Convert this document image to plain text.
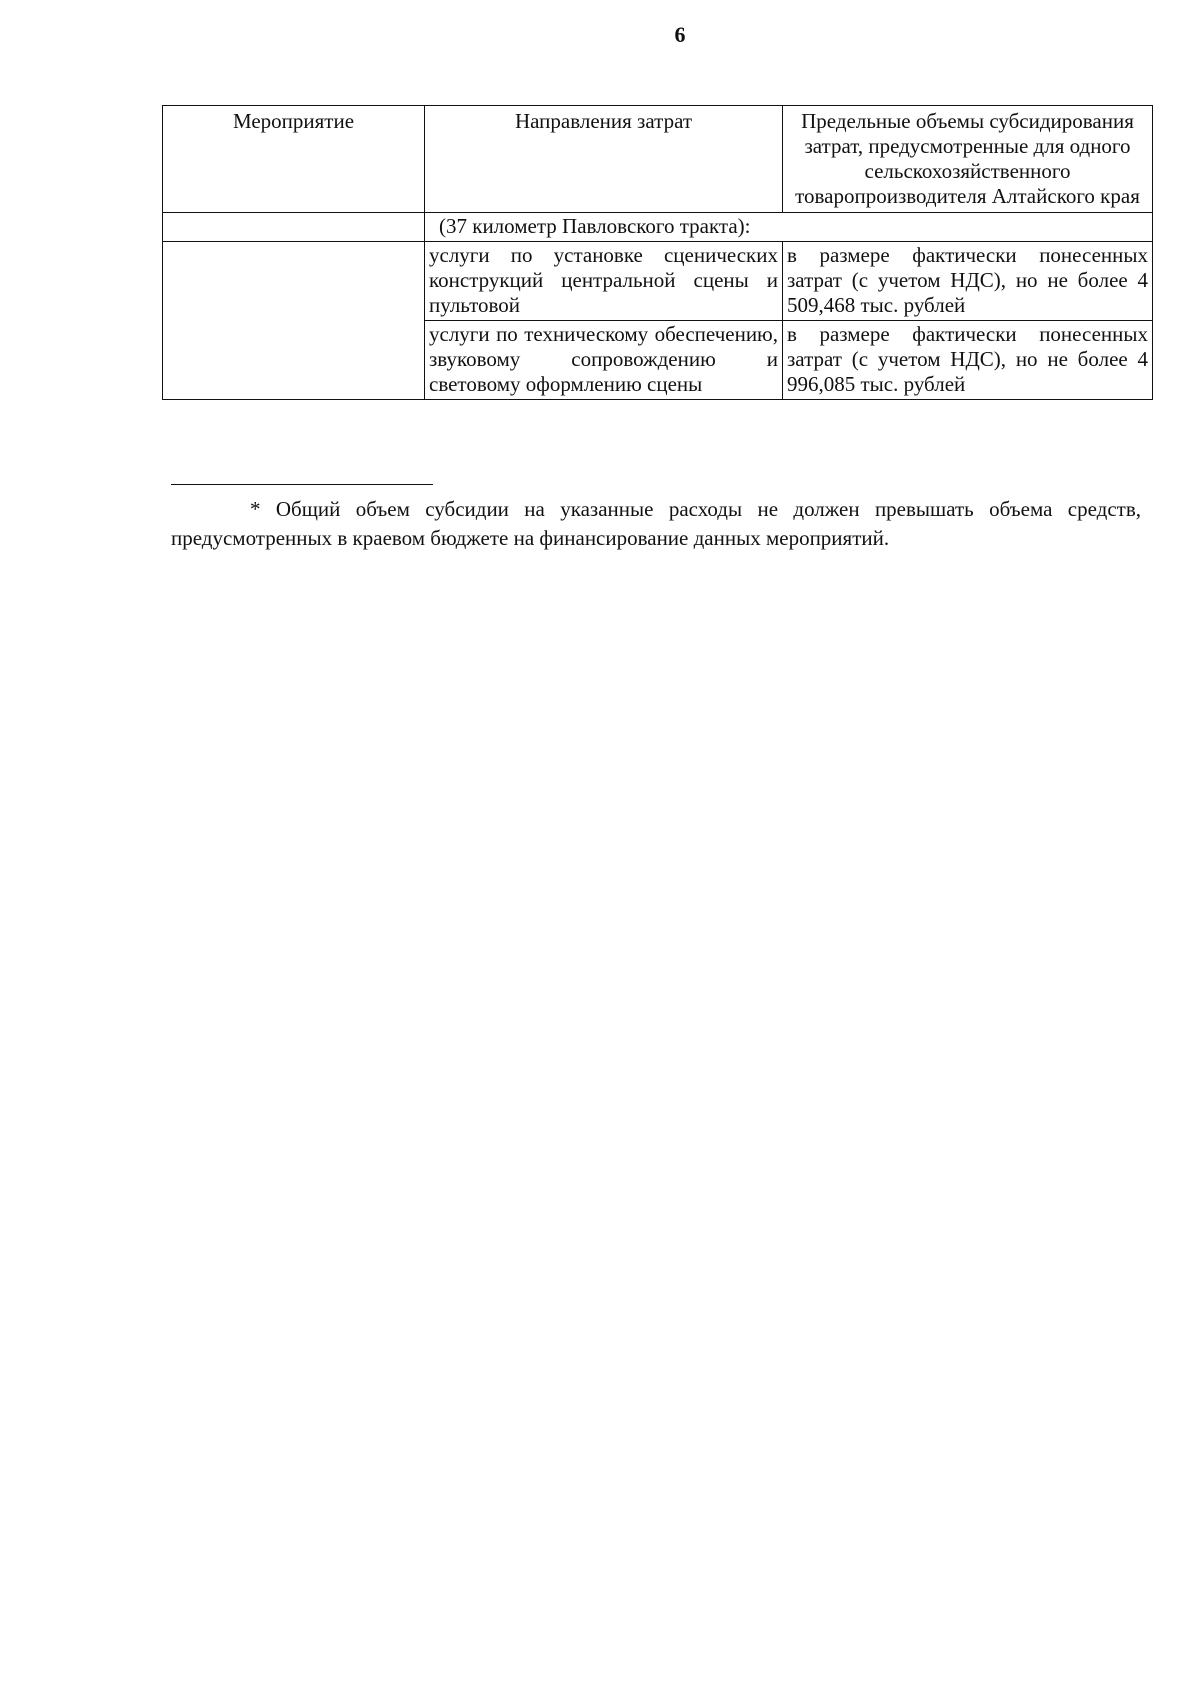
6
Мероприятие	Направления затрат	Предельные объемы субсидирования затрат, предусмотренные для одного сельскохозяйственного товаропроизводителя Алтайского края
	(37 километр Павловского тракта):	
	услуги по установке сценических конструкций центральной сцены и пультовой	в размере фактически понесенных затрат (с учетом НДС), но не более 4 509,468 тыс. рублей
	услуги по техническому обеспечению, звуковому сопровождению и световому оформлению сцены	в размере фактически понесенных затрат (с учетом НДС), но не более 4 996,085 тыс. рублей
* Общий объем субсидии на указанные расходы не должен превышать объема средств, предусмотренных в краевом бюджете на финансирование данных мероприятий.
